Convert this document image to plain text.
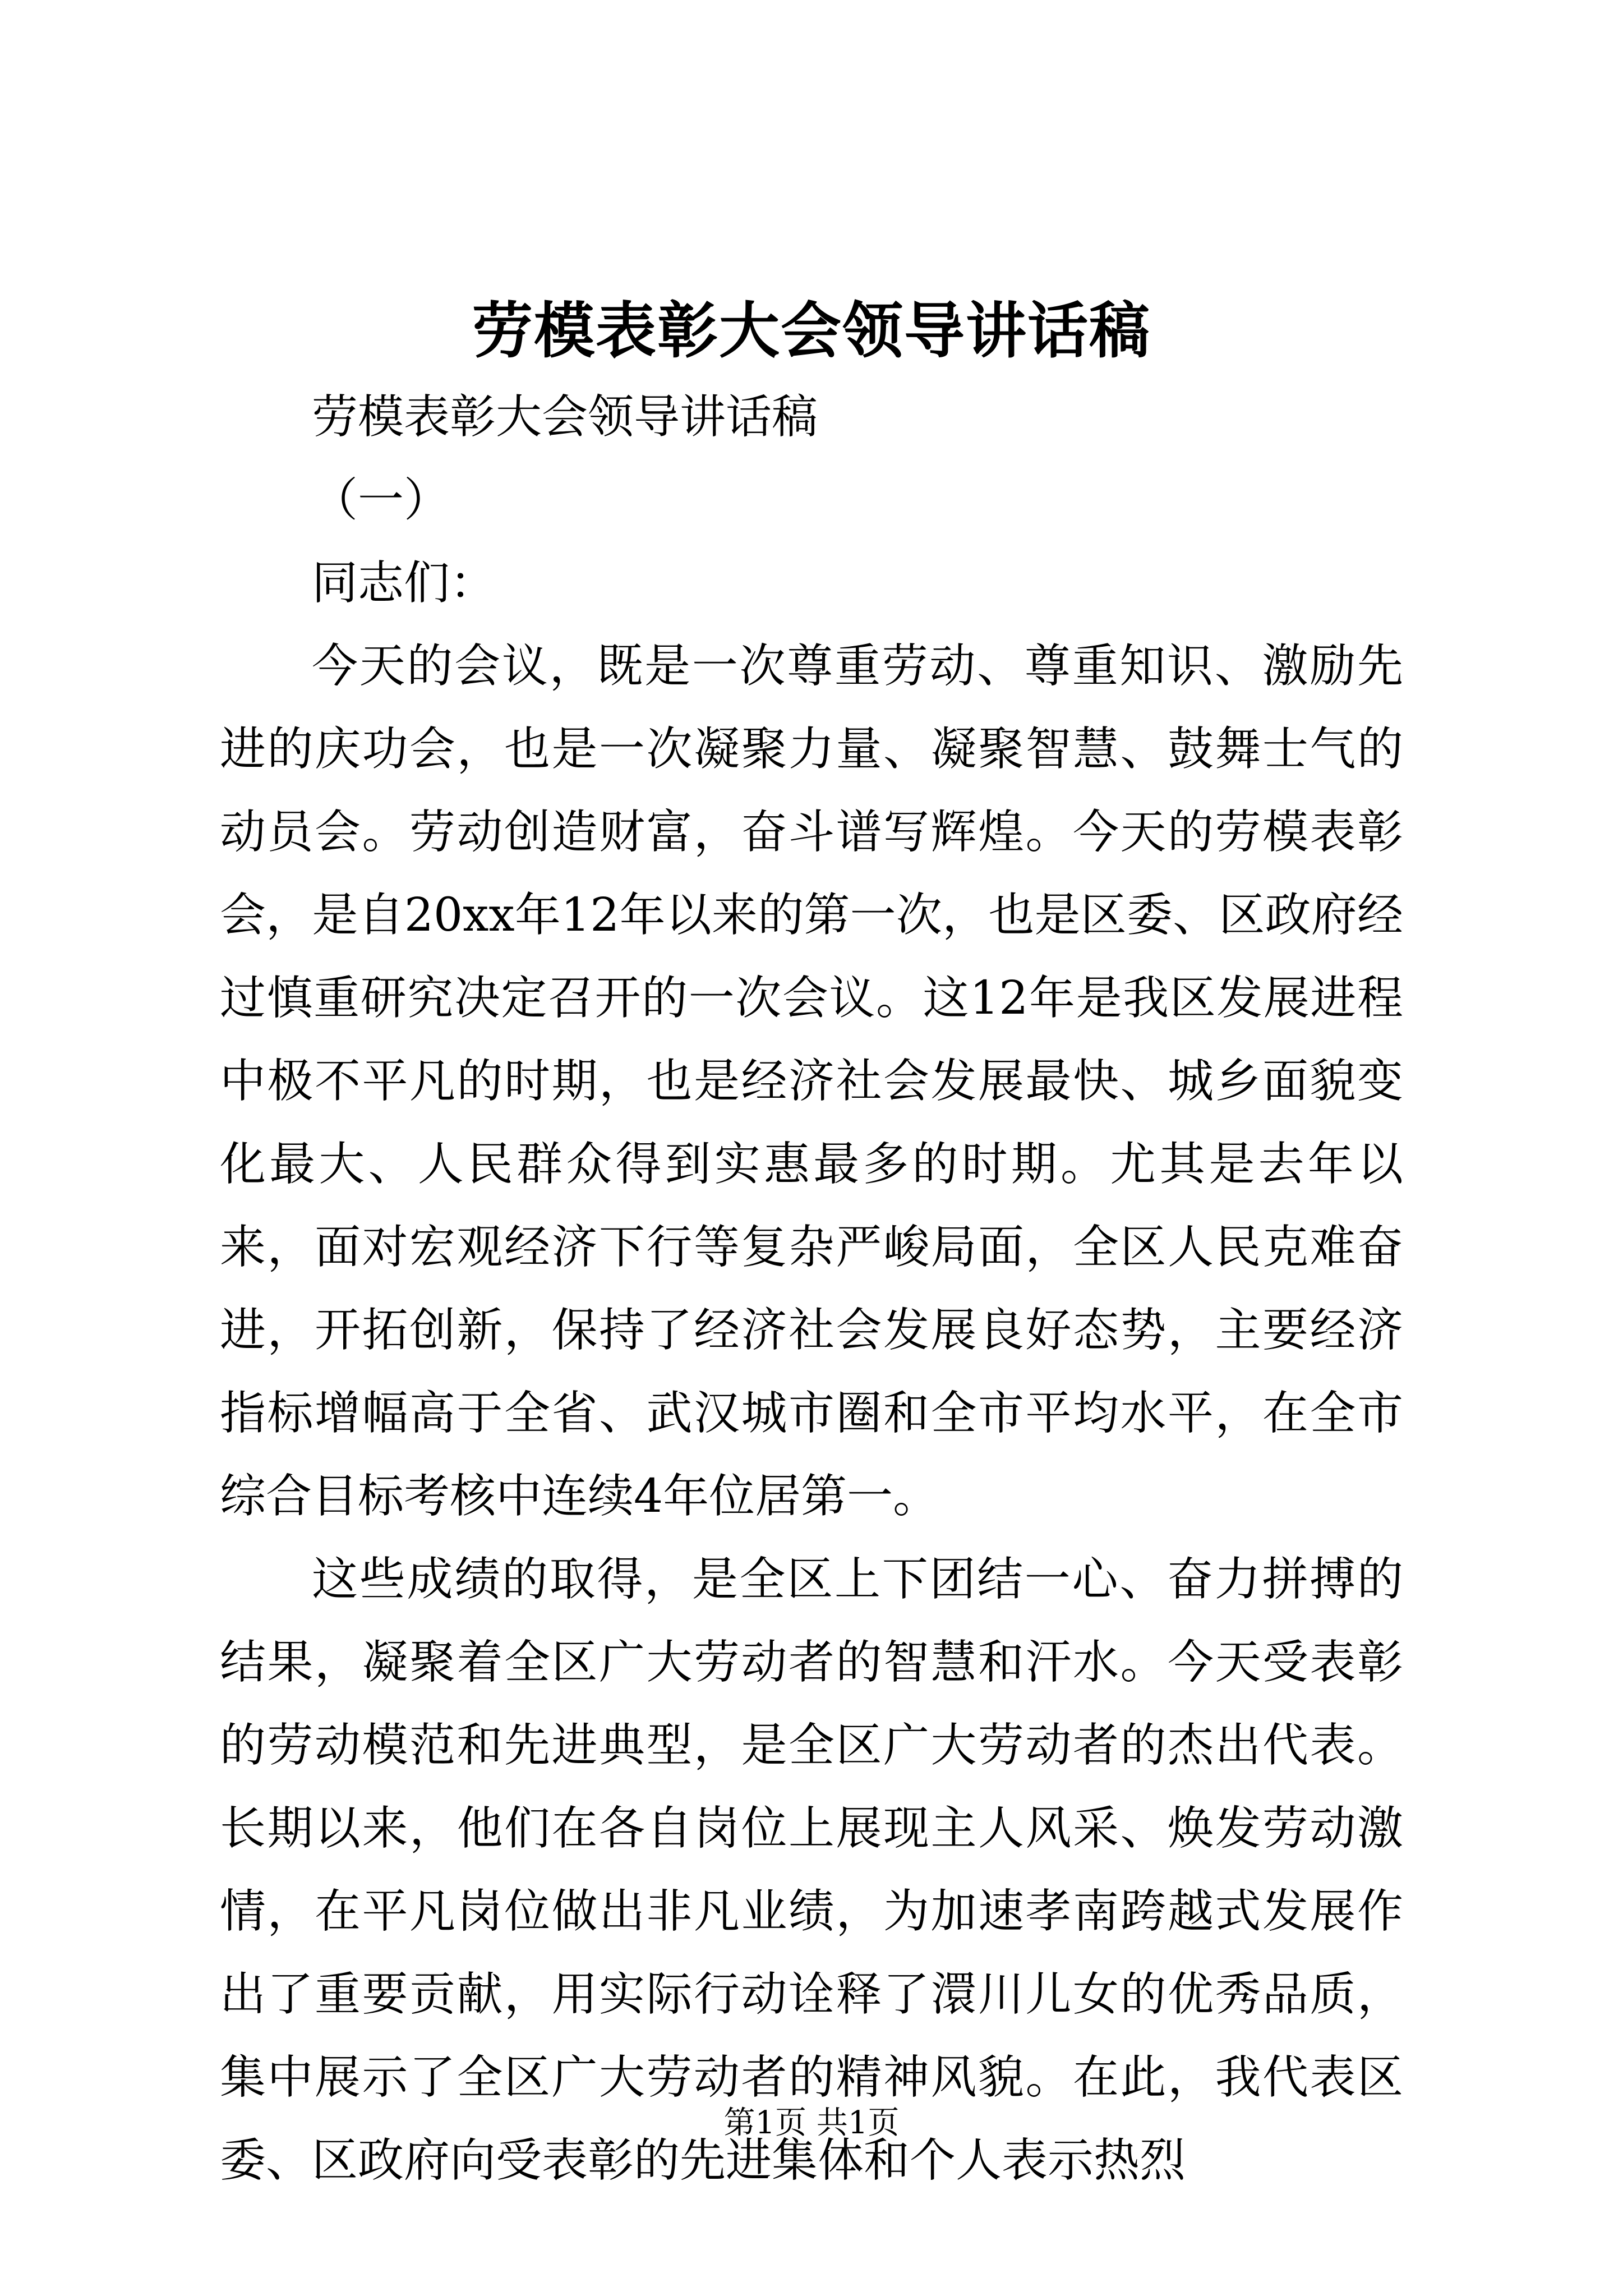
劳模表彰大会领导讲话稿

劳模表彰大会领导讲话稿

（一）

同志们：

今天的会议，既是一次尊重劳动、尊重知识、激励先进的庆功会，也是一次凝聚力量、凝聚智慧、鼓舞士气的动员会。劳动创造财富，奋斗谱写辉煌。今天的劳模表彰会，是自20xx年12年以来的第一次，也是区委、区政府经过慎重研究决定召开的一次会议。这12年是我区发展进程中极不平凡的时期，也是经济社会发展最快、城乡面貌变化最大、人民群众得到实惠最多的时期。尤其是去年以来，面对宏观经济下行等复杂严峻局面，全区人民克难奋进，开拓创新，保持了经济社会发展良好态势，主要经济指标增幅高于全省、武汉城市圈和全市平均水平，在全市综合目标考核中连续4年位居第一。

这些成绩的取得，是全区上下团结一心、奋力拼搏的结果，凝聚着全区广大劳动者的智慧和汗水。今天受表彰的劳动模范和先进典型，是全区广大劳动者的杰出代表。长期以来，他们在各自岗位上展现主人风采、焕发劳动激情，在平凡岗位做出非凡业绩，为加速孝南跨越式发展作出了重要贡献，用实际行动诠释了澴川儿女的优秀品质，集中展示了全区广大劳动者的精神风貌。在此，我代表区委、区政府向受表彰的先进集体和个人表示热烈

第1页 共1页
